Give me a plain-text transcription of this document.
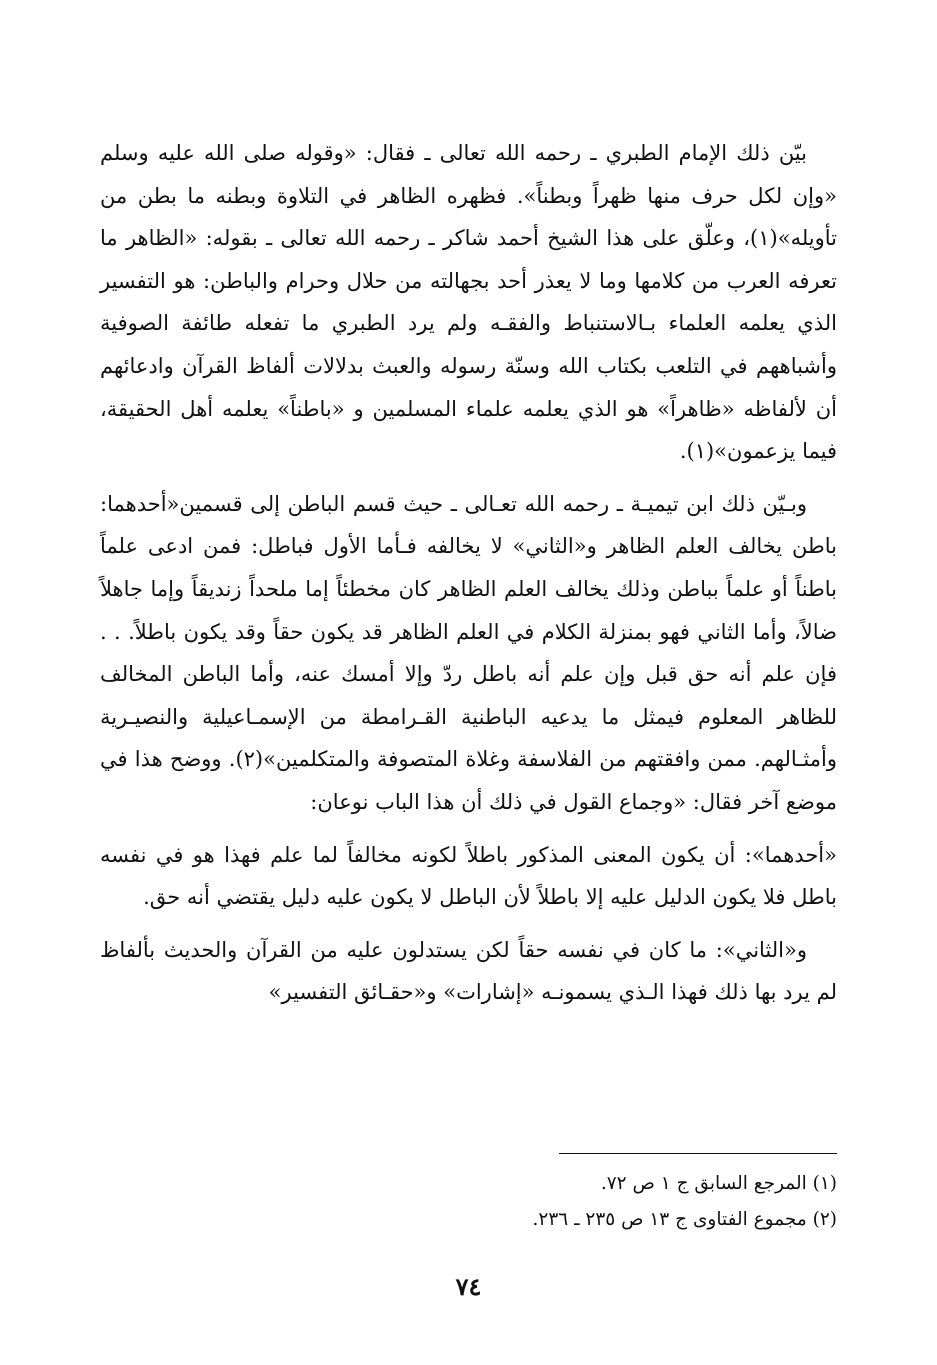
بيّن ذلك الإمام الطبري ـ رحمه الله تعالى ـ فقال: «وقوله صلى الله عليه وسلم «وإن لكل حرف منها ظهراً وبطناً». فظهره الظاهر في التلاوة وبطنه ما بطن من تأويله»(١)، وعلّق على هذا الشيخ أحمد شاكر ـ رحمه الله تعالى ـ بقوله: «الظاهر ما تعرفه العرب من كلامها وما لا يعذر أحد بجهالته من حلال وحرام والباطن: هو التفسير الذي يعلمه العلماء بـالاستنباط والفقـه ولم يرد الطبري ما تفعله طائفة الصوفية وأشباههم في التلعب بكتاب الله وسنّة رسوله والعبث بدلالات ألفاظ القرآن وادعائهم أن لألفاظه «ظاهراً» هو الذي يعلمه علماء المسلمين و «باطناً» يعلمه أهل الحقيقة، فيما يزعمون»(١).

وبـيّن ذلك ابن تيميـة ـ رحمه الله تعـالى ـ حيث قسم الباطن إلى قسمين«أحدهما: باطن يخالف العلم الظاهر و«الثاني» لا يخالفه فـأما الأول فباطل: فمن ادعى علماً باطناً أو علماً بباطن وذلك يخالف العلم الظاهر كان مخطئاً إما ملحداً زنديقاً وإما جاهلاً ضالاً، وأما الثاني فهو بمنزلة الكلام في العلم الظاهر قد يكون حقاً وقد يكون باطلاً. . . فإن علم أنه حق قبل وإن علم أنه باطل ردّ وإلا أمسك عنه، وأما الباطن المخالف للظاهر المعلوم فيمثل ما يدعيه الباطنية القـرامطة من الإسمـاعيلية والنصيـرية وأمثـالهم. ممن وافقتهم من الفلاسفة وغلاة المتصوفة والمتكلمين»(٢). ووضح هذا في موضع آخر فقال: «وجماع القول في ذلك أن هذا الباب نوعان:

«أحدهما»: أن يكون المعنى المذكور باطلاً لكونه مخالفاً لما علم فهذا هو في نفسه باطل فلا يكون الدليل عليه إلا باطلاً لأن الباطل لا يكون عليه دليل يقتضي أنه حق.

و«الثاني»: ما كان في نفسه حقاً لكن يستدلون عليه من القرآن والحديث بألفاظ لم يرد بها ذلك فهذا الـذي يسمونـه «إشارات» و«حقـائق التفسير»

(١) المرجع السابق ج ١ ص ٧٢.

(٢) مجموع الفتاوى ج ١٣ ص ٢٣٥ ـ ٢٣٦.

٧٤
